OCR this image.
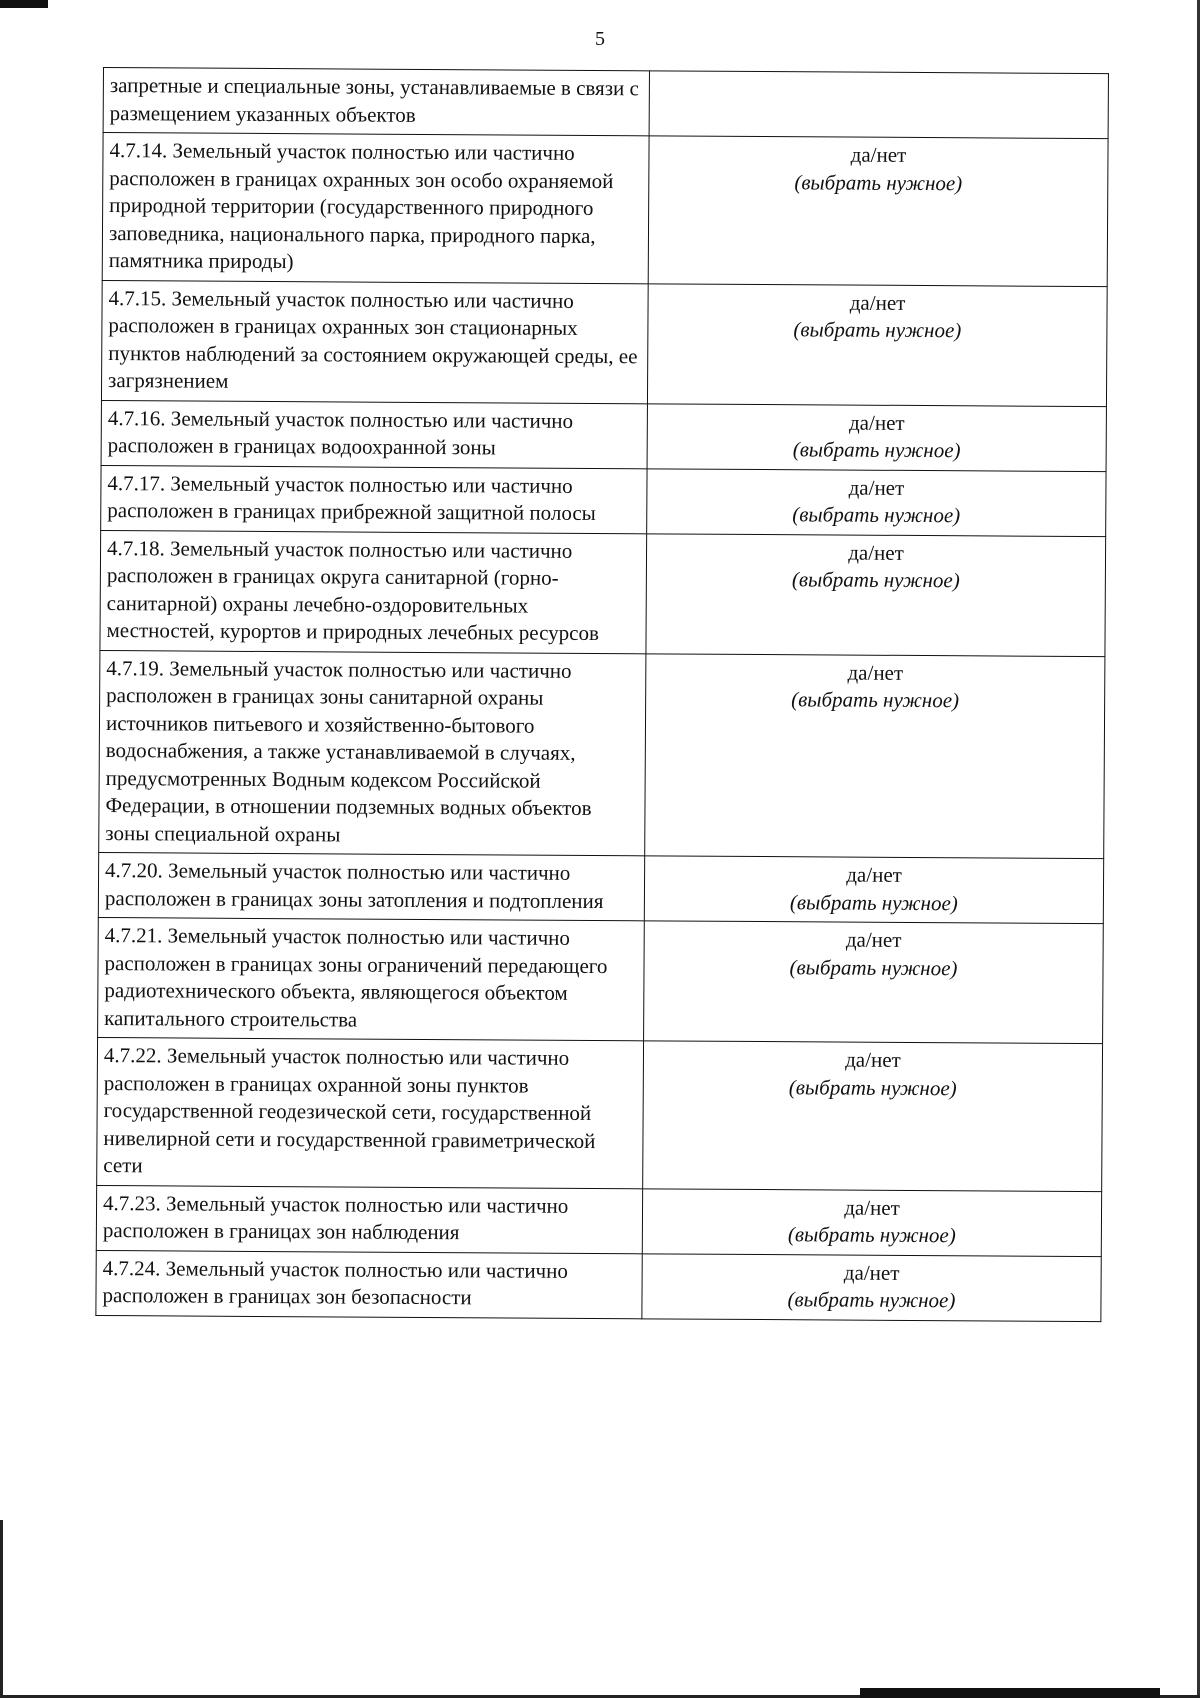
5
запретные и специальные зоны, устанавливаемые в связи с размещением указанных объектов	
4.7.14. Земельный участок полностью или частично расположен в границах охранных зон особо охраняемой природной территории (государственного природного заповедника, национального парка, природного парка, памятника природы)	да/нет
(выбрать нужное)

4.7.15. Земельный участок полностью или частично расположен в границах охранных зон стационарных пунктов наблюдений за состоянием окружающей среды, ее загрязнением	да/нет
(выбрать нужное)

4.7.16. Земельный участок полностью или частично расположен в границах водоохранной зоны	да/нет
(выбрать нужное)

4.7.17. Земельный участок полностью или частично расположен в границах прибрежной защитной полосы	да/нет
(выбрать нужное)

4.7.18. Земельный участок полностью или частично расположен в границах округа санитарной (горно-санитарной) охраны лечебно-оздоровительных местностей, курортов и природных лечебных ресурсов	да/нет
(выбрать нужное)

4.7.19. Земельный участок полностью или частично расположен в границах зоны санитарной охраны источников питьевого и хозяйственно-бытового водоснабжения, а также устанавливаемой в случаях, предусмотренных Водным кодексом Российской Федерации, в отношении подземных водных объектов зоны специальной охраны	да/нет
(выбрать нужное)

4.7.20. Земельный участок полностью или частично расположен в границах зоны затопления и подтопления	да/нет
(выбрать нужное)

4.7.21. Земельный участок полностью или частично расположен в границах зоны ограничений передающего радиотехнического объекта, являющегося объектом капитального строительства	да/нет
(выбрать нужное)

4.7.22. Земельный участок полностью или частично расположен в границах охранной зоны пунктов государственной геодезической сети, государственной нивелирной сети и государственной гравиметрической сети	да/нет
(выбрать нужное)

4.7.23. Земельный участок полностью или частично расположен в границах зон наблюдения	да/нет
(выбрать нужное)

4.7.24. Земельный участок полностью или частично расположен в границах зон безопасности	да/нет
(выбрать нужное)
